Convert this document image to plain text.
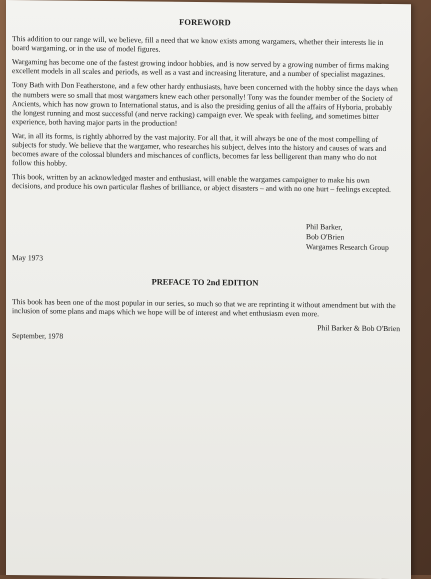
FOREWORD

This addition to our range will, we believe, fill a need that we know exists among wargamers, whether their interests lie in board wargaming, or in the use of model figures.

Wargaming has become one of the fastest growing indoor hobbies, and is now served by a growing number of firms making excellent models in all scales and periods, as well as a vast and increasing literature, and a number of specialist magazines.

Tony Bath with Don Featherstone, and a few other hardy enthusiasts, have been concerned with the hobby since the days when the numbers were so small that most wargamers knew each other personally! Tony was the founder member of the Society of Ancients, which has now grown to International status, and is also the presiding genius of all the affairs of Hyboria, probably the longest running and most successful (and nerve racking) campaign ever. We speak with feeling, and sometimes bitter experience, both having major parts in the production!

War, in all its forms, is rightly abhorred by the vast majority. For all that, it will always be one of the most compelling of subjects for study. We believe that the wargamer, who researches his subject, delves into the history and causes of wars and becomes aware of the colossal blunders and mischances of conflicts, becomes far less belligerent than many who do not follow this hobby.

This book, written by an acknowledged master and enthusiast, will enable the wargames campaigner to make his own decisions, and produce his own particular flashes of brilliance, or abject disasters – and with no one hurt – feelings excepted.

Phil Barker,
Bob O'Brien
Wargames Research Group
May 1973
PREFACE TO 2nd EDITION

This book has been one of the most popular in our series, so much so that we are reprinting it without amendment but with the inclusion of some plans and maps which we hope will be of interest and whet enthusiasm even more.

Phil Barker & Bob O'Brien
September, 1978
